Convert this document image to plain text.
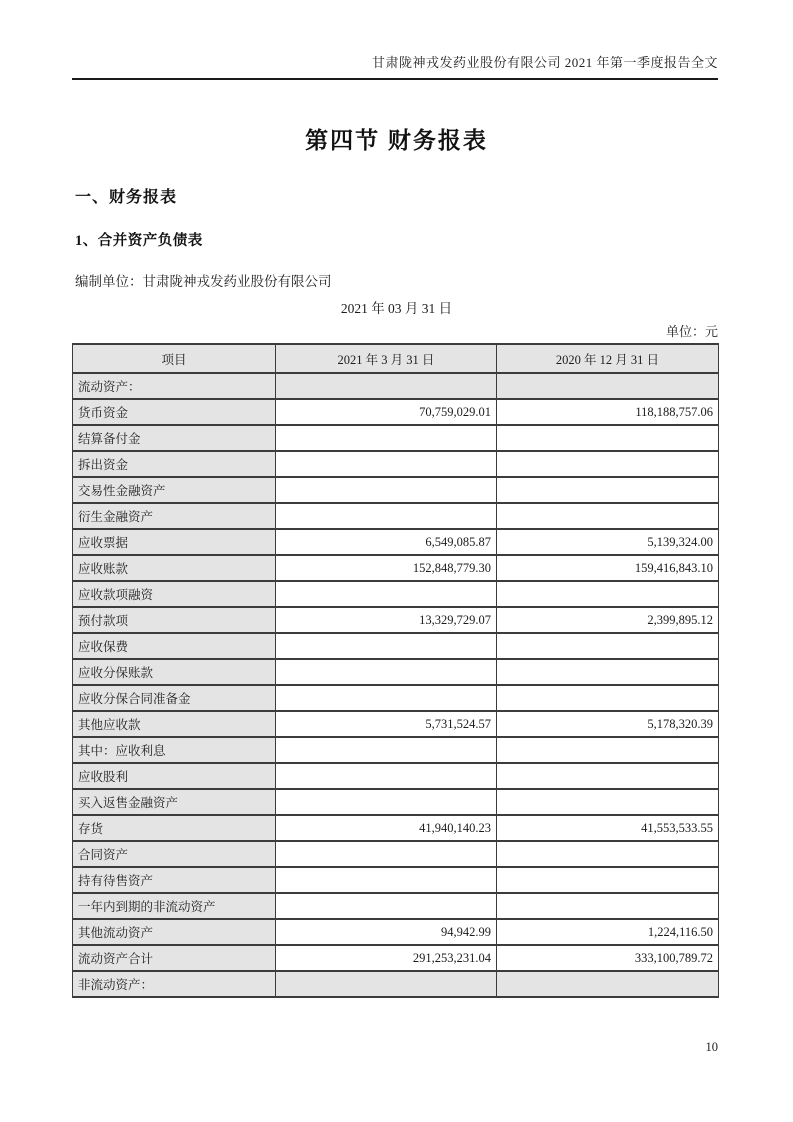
甘肃陇神戎发药业股份有限公司 2021 年第一季度报告全文
第四节 财务报表
一、财务报表
1、合并资产负债表
编制单位：甘肃陇神戎发药业股份有限公司
2021 年 03 月 31 日
单位：元
项目	2021 年 3 月 31 日	2020 年 12 月 31 日
流动资产：		
货币资金	70,759,029.01	118,188,757.06
结算备付金		
拆出资金		
交易性金融资产		
衍生金融资产		
应收票据	6,549,085.87	5,139,324.00
应收账款	152,848,779.30	159,416,843.10
应收款项融资		
预付款项	13,329,729.07	2,399,895.12
应收保费		
应收分保账款		
应收分保合同准备金		
其他应收款	5,731,524.57	5,178,320.39
其中：应收利息		
应收股利		
买入返售金融资产		
存货	41,940,140.23	41,553,533.55
合同资产		
持有待售资产		
一年内到期的非流动资产		
其他流动资产	94,942.99	1,224,116.50
流动资产合计	291,253,231.04	333,100,789.72
非流动资产：		
10
